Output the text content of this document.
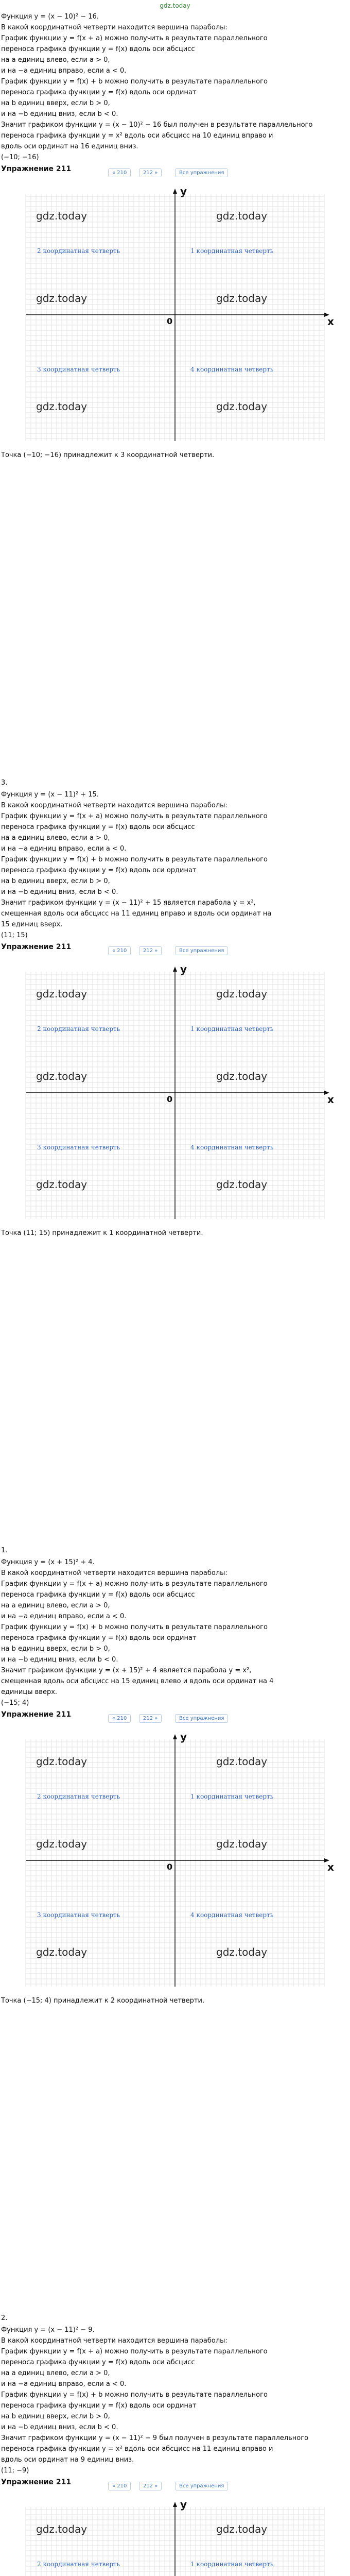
gdz.today

Функция y = (x − 10)² − 16.

В какой координатной четверти находится вершина параболы:

График функции y = f(x + a) можно получить в результате параллельного

переноса графика функции y = f(x) вдоль оси абсцисс

на a единиц влево, если a > 0,

и на −a единиц вправо, если a < 0.

График функции y = f(x) + b можно получить в результате параллельного

переноса графика функции y = f(x) вдоль оси ординат

на b единиц вверх, если b > 0,

и на −b единиц вниз, если b < 0.

Значит графиком функции y = (x − 10)² − 16 был получен в результате параллельного

переноса графика функции y = x² вдоль оси абсцисс на 10 единиц вправо и

вдоль оси ординат на 16 единиц вниз.

(−10; −16)

Упражнение 211	« 210	212 »	Все упражнения
x
y
0
2 координатная четверть	1 координатная четверть
3 координатная четверть	4 координатная четверть
gdz.today	gdz.today
gdz.today	gdz.today
gdz.today	gdz.today
Точка (−10; −16) принадлежит к 3 координатной четверти.
3.

Функция y = (x − 11)² + 15.

В какой координатной четверти находится вершина параболы:

График функции y = f(x + a) можно получить в результате параллельного

переноса графика функции y = f(x) вдоль оси абсцисс

на a единиц влево, если a > 0,

и на −a единиц вправо, если a < 0.

График функции y = f(x) + b можно получить в результате параллельного

переноса графика функции y = f(x) вдоль оси ординат

на b единиц вверх, если b > 0,

и на −b единиц вниз, если b < 0.

Значит графиком функции y = (x − 11)² + 15 является парабола y = x²,

смещенная вдоль оси абсцисс на 11 единиц вправо и вдоль оси ординат на

15 единиц вверх.

(11; 15)

Упражнение 211	« 210	212 »	Все упражнения
x
y
0
2 координатная четверть	1 координатная четверть
3 координатная четверть	4 координатная четверть
gdz.today	gdz.today
gdz.today	gdz.today
gdz.today	gdz.today
Точка (11; 15) принадлежит к 1 координатной четверти.
1.

Функция y = (x + 15)² + 4.

В какой координатной четверти находится вершина параболы:

График функции y = f(x + a) можно получить в результате параллельного

переноса графика функции y = f(x) вдоль оси абсцисс

на a единиц влево, если a > 0,

и на −a единиц вправо, если a < 0.

График функции y = f(x) + b можно получить в результате параллельного

переноса графика функции y = f(x) вдоль оси ординат

на b единиц вверх, если b > 0,

и на −b единиц вниз, если b < 0.

Значит графиком функции y = (x + 15)² + 4 является парабола y = x²,

смещенная вдоль оси абсцисс на 15 единиц влево и вдоль оси ординат на 4

единицы вверх.

(−15; 4)

Упражнение 211	« 210	212 »	Все упражнения
x
y
0
2 координатная четверть	1 координатная четверть
3 координатная четверть	4 координатная четверть
gdz.today	gdz.today
gdz.today	gdz.today
gdz.today	gdz.today
Точка (−15; 4) принадлежит к 2 координатной четверти.
2.

Функция y = (x − 11)² − 9.

В какой координатной четверти находится вершина параболы:

График функции y = f(x + a) можно получить в результате параллельного

переноса графика функции y = f(x) вдоль оси абсцисс

на a единиц влево, если a > 0,

и на −a единиц вправо, если a < 0.

График функции y = f(x) + b можно получить в результате параллельного

переноса графика функции y = f(x) вдоль оси ординат

на b единиц вверх, если b > 0,

и на −b единиц вниз, если b < 0.

Значит графиком функции y = (x − 11)² − 9 был получен в результате параллельного

переноса графика функции y = x² вдоль оси абсцисс на 11 единиц вправо и

вдоль оси ординат на 9 единиц вниз.

(11; −9)

Упражнение 211	« 210	212 »	Все упражнения
y
2 координатная четверть	1 координатная четверть
gdz.today	gdz.today
